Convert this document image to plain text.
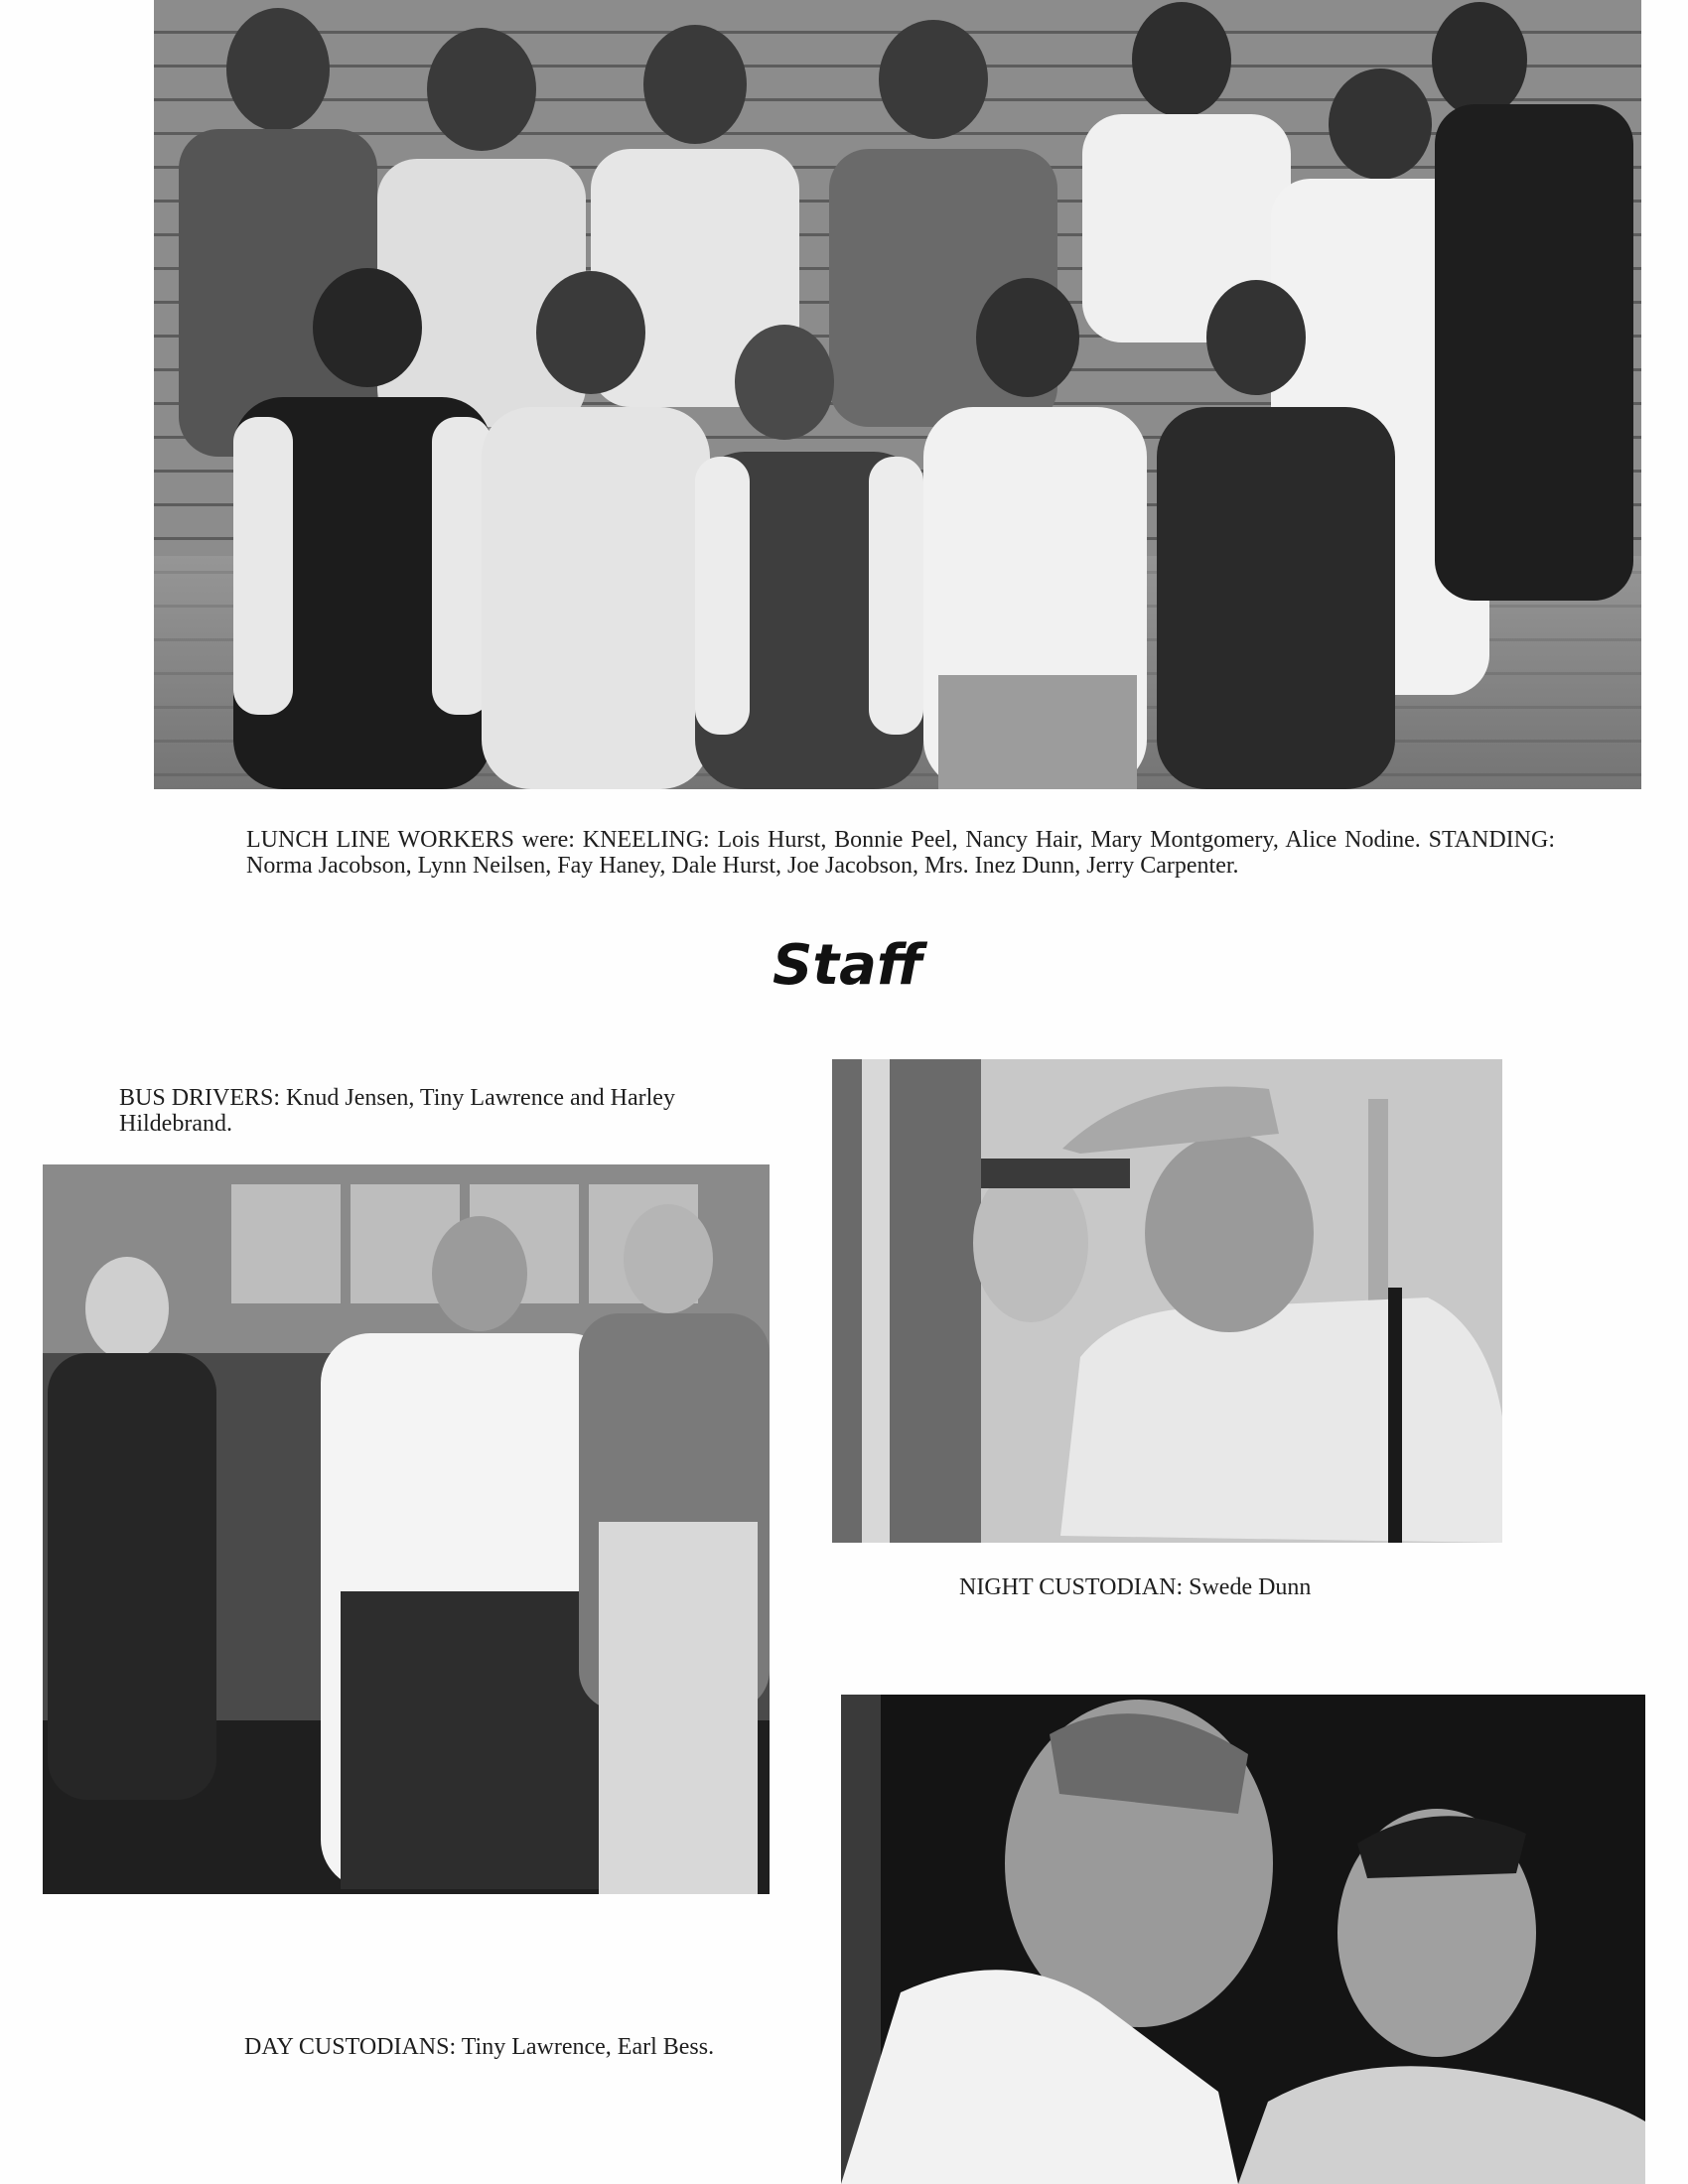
LUNCH LINE WORKERS were: KNEELING: Lois Hurst, Bonnie Peel, Nancy Hair, Mary Montgomery, Alice Nodine. STANDING: Norma Jacobson, Lynn Neilsen, Fay Haney, Dale Hurst, Joe Jacobson, Mrs. Inez Dunn, Jerry Carpenter.

Staff

BUS DRIVERS: Knud Jensen, Tiny Lawrence and Harley Hildebrand.

NIGHT CUSTODIAN: Swede Dunn

DAY CUSTODIANS: Tiny Lawrence, Earl Bess.
